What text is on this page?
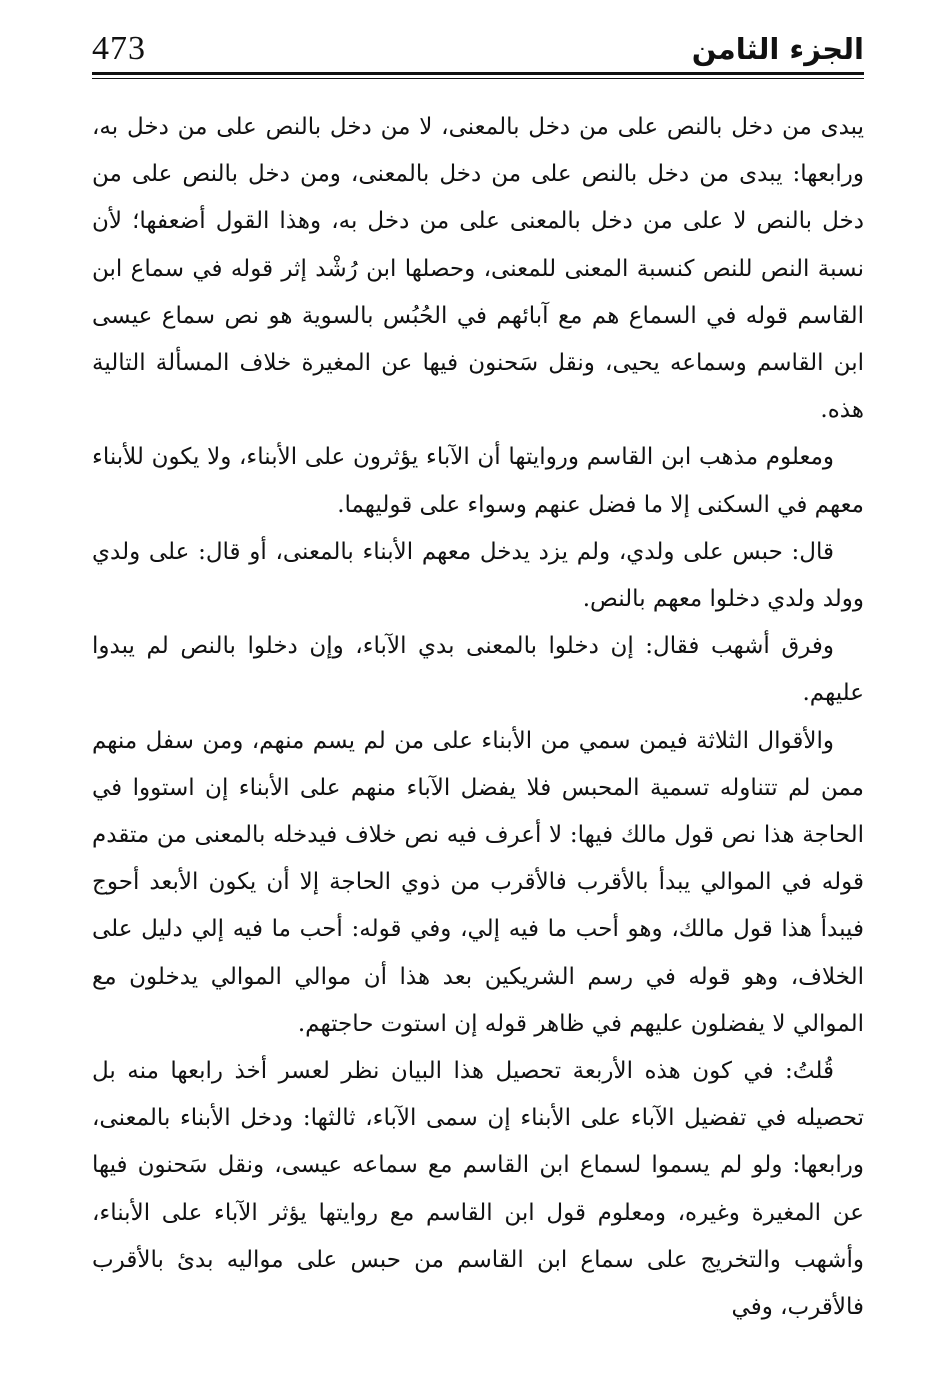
473	الجزء الثامن

يبدى من دخل بالنص على من دخل بالمعنى، لا من دخل بالنص على من دخل به، ورابعها: يبدى من دخل بالنص على من دخل بالمعنى، ومن دخل بالنص على من دخل بالنص لا على من دخل بالمعنى على من دخل به، وهذا القول أضعفها؛ لأن نسبة النص للنص كنسبة المعنى للمعنى، وحصلها ابن رُشْد إثر قوله في سماع ابن القاسم قوله في السماع هم مع آبائهم في الحُبُس بالسوية هو نص سماع عيسى ابن القاسم وسماعه يحيى، ونقل سَحنون فيها عن المغيرة خلاف المسألة التالية هذه.

ومعلوم مذهب ابن القاسم وروايتها أن الآباء يؤثرون على الأبناء، ولا يكون للأبناء معهم في السكنى إلا ما فضل عنهم وسواء على قوليهما.

قال: حبس على ولدي، ولم يزد يدخل معهم الأبناء بالمعنى، أو قال: على ولدي وولد ولدي دخلوا معهم بالنص.

وفرق أشهب فقال: إن دخلوا بالمعنى بدي الآباء، وإن دخلوا بالنص لم يبدوا عليهم.

والأقوال الثلاثة فيمن سمي من الأبناء على من لم يسم منهم، ومن سفل منهم ممن لم تتناوله تسمية المحبس فلا يفضل الآباء منهم على الأبناء إن استووا في الحاجة هذا نص قول مالك فيها: لا أعرف فيه نص خلاف فيدخله بالمعنى من متقدم قوله في الموالي يبدأ بالأقرب فالأقرب من ذوي الحاجة إلا أن يكون الأبعد أحوج فيبدأ هذا قول مالك، وهو أحب ما فيه إلي، وفي قوله: أحب ما فيه إلي دليل على الخلاف، وهو قوله في رسم الشريكين بعد هذا أن موالي الموالي يدخلون مع الموالي لا يفضلون عليهم في ظاهر قوله إن استوت حاجتهم.

قُلتُ: في كون هذه الأربعة تحصيل هذا البيان نظر لعسر أخذ رابعها منه بل تحصيله في تفضيل الآباء على الأبناء إن سمى الآباء، ثالثها: ودخل الأبناء بالمعنى، ورابعها: ولو لم يسموا لسماع ابن القاسم مع سماعه عيسى، ونقل سَحنون فيها عن المغيرة وغيره، ومعلوم قول ابن القاسم مع روايتها يؤثر الآباء على الأبناء، وأشهب والتخريج على سماع ابن القاسم من حبس على مواليه بدئ بالأقرب فالأقرب، وفي
